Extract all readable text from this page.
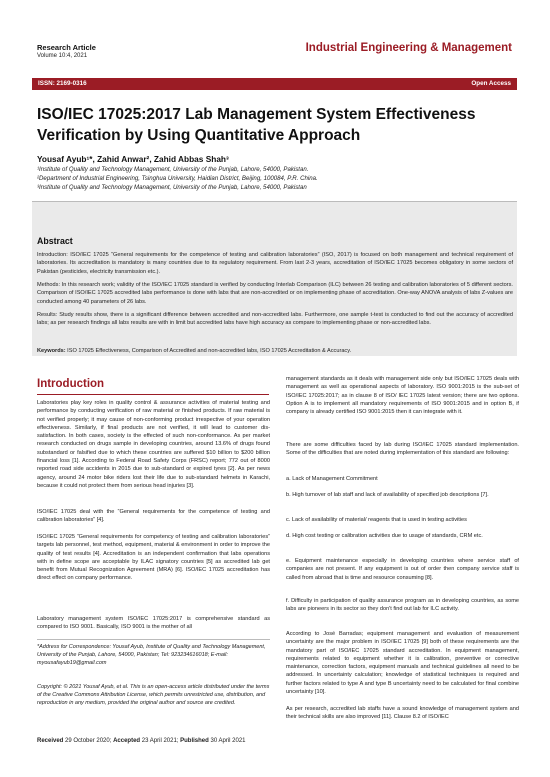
Research Article
Volume 10:4, 2021
Industrial Engineering & Management
ISSN: 2169-0316	Open Access
ISO/IEC 17025:2017 Lab Management System Effectiveness Verification by Using Quantitative Approach
Yousaf Ayub¹*, Zahid Anwar², Zahid Abbas Shah³
¹Institute of Quality and Technology Management, University of the Punjab, Lahore, 54000, Pakistan.
²Department of Industrial Engineering, Tsinghua University, Haidian District, Beijing, 100084, P.R. China.
³Institute of Quality and Technology Management, University of the Punjab, Lahore, 54000, Pakistan
Abstract
Introduction: ISO/IEC 17025 “General requirements for the competence of testing and calibration laboratories” (ISO, 2017) is focused on both management and technical requirement of laboratories. Its accreditation is mandatory is many countries due to its regulatory requirement. From last 2-3 years, accreditation of ISO/IEC 17025 becomes obligatory in some sectors of Pakistan (pesticides, electricity transmission etc.).
Methods: In this research work; validity of the ISO/IEC 17025 standard is verified by conducting Interlab Comparison (ILC) between 26 testing and calibration laboratories of 5 different sectors. Comparison of ISO/IEC 17025 accredited labs performance is done with labs that are non-accredited or on implementing phase of accreditation. One-way ANOVA analysis of labs Z-values are conducted among 40 parameters of 26 labs.
Results: Study results show, there is a significant difference between accredited and non-accredited labs. Furthermore, one sample t-test is conducted to find out the accuracy of accredited labs; as per research findings all labs results are with in limit but accredited labs have high accuracy as compare to implementing phase or non-accredited labs.
Keywords: ISO 17025 Effectiveness, Comparison of Accredited and non-accredited labs, ISO 17025 Accreditation & Accuracy.
Introduction
Laboratories play key roles in quality control & assurance activities of material testing and performance by conducting verification of raw material or finished products. If raw material is not verified properly; it may cause of non-conforming product irrespective of your operation effectiveness. Similarly, if final products are not verified, it will lead to customer dis-satisfaction. In both cases, society is the effected of such non-conformance. As per market research conducted on drugs sample in developing countries, around 13.6% of drugs found substandard or falsified due to which these countries are suffered $10 billion to $200 billion financial loss [1]. According to Federal Road Safety Corps (FRSC) report; 772 out of 8000 reported road side accidents in 2015 due to sub-standard or expired tyres [2]. As per news agency, around 24 motor bike riders lost their life due to sub-standard helmets in Karachi, because it could not protect them from serious head injuries [3].
ISO/IEC 17025 deal with the “General requirements for the competence of testing and calibration laboratories” [4].
ISO/IEC 17025 “General requirements for competency of testing and calibration laboratories” targets lab personnel, test method, equipment, material & environment in order to improve the quality of test results [4]. Accreditation is an independent confirmation that labs operations with in define scope are acceptable by ILAC signatory countries [5] as accredited lab get benefit from Mutual Recognization Agreement (MRA) [6]. ISO/IEC 17025 accreditation has direct effect on company performance.
Laboratory management system ISO/IEC 17025:2017 is comprehensive standard as compared to ISO 9001. Basically, ISO 9001 is the mother of all
*Address for Correspondence: Yousaf Ayub, Institute of Quality and Technology Management, University of the Punjab, Lahore, 54000, Pakistan; Tel: 923234616018; E-mail: myousafayub19@gmail.com
Copyright: © 2021 Yousaf Ayub, et al. This is an open-access article distributed under the terms of the Creative Commons Attribution License, which permits unrestricted use, distribution, and reproduction in any medium, provided the original author and source are credited.
Received 29 October 2020; Accepted 23 April 2021; Published 30 April 2021
management standards as it deals with management side only but ISO/IEC 17025 deals with management as well as operational aspects of laboratory. ISO 9001:2015 is the sub-set of ISO/IEC 17025:2017; as in clause 8 of ISO/ IEC 17025 latest version; there are two options. Option A is to implement all mandatory requirements of ISO 9001:2015 and in option B, if company is already certified ISO 9001:2015 then it can integrate with it.
There are some difficulties faced by lab during ISO/IEC 17025 standard implementation. Some of the difficulties that are noted during implementation of this standard are following:
a. Lack of Management Commitment
b. High turnover of lab staff and lack of availability of specified job descriptions [7].
c. Lack of availability of material/ reagents that is used in testing activities
d. High cost testing or calibration activities due to usage of standards, CRM etc.
e. Equipment maintenance especially in developing countries where service staff of companies are not present. If any equipment is out of order then company service staff is called from abroad that is time and resource consuming [8].
f. Difficulty in participation of quality assurance program as in developing countries, as some labs are pioneers in its sector so they don't find out lab for ILC activity.
According to José Barradas; equipment management and evaluation of measurement uncertainty are the major problem in ISO/IEC 17025 [9] both of these requirements are the mandatory part of ISO/IEC 17025 standard accreditation. In equipment management, requirements related to equipment whether it is calibration, preventive or corrective maintenance, correction factors, equipment manuals and technical guidelines all need to be addressed. In uncertainty calculation; knowledge of statistical techniques is required and further factors related to type A and type B uncertainty need to be calculated for final combine uncertainty [10].
As per research, accredited lab staffs have a sound knowledge of management system and their technical skills are also improved [11]. Clause 8.2 of ISO/IEC
